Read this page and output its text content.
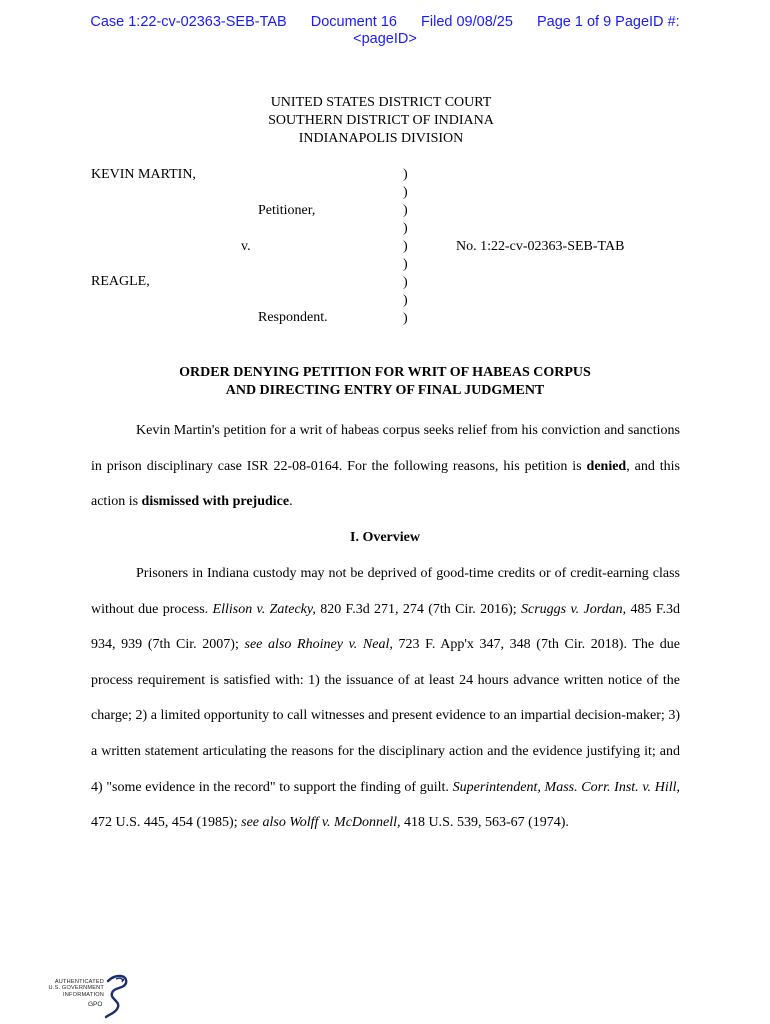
Case 1:22-cv-02363-SEB-TAB Document 16 Filed 09/08/25 Page 1 of 9 PageID #:
<pageID>
UNITED STATES DISTRICT COURT
SOUTHERN DISTRICT OF INDIANA
INDIANAPOLIS DIVISION
KEVIN MARTIN,
Petitioner,
v.
REAGLE,
Respondent.
No. 1:22-cv-02363-SEB-TAB
)
)
)
)
)
)
)
)
)
ORDER DENYING PETITION FOR WRIT OF HABEAS CORPUS
AND DIRECTING ENTRY OF FINAL JUDGMENT

Kevin Martin's petition for a writ of habeas corpus seeks relief from his conviction and sanctions in prison disciplinary case ISR 22-08-0164. For the following reasons, his petition is denied, and this action is dismissed with prejudice.

I. Overview

Prisoners in Indiana custody may not be deprived of good-time credits or of credit-earning class without due process. Ellison v. Zatecky, 820 F.3d 271, 274 (7th Cir. 2016); Scruggs v. Jordan, 485 F.3d 934, 939 (7th Cir. 2007); see also Rhoiney v. Neal, 723 F. App'x 347, 348 (7th Cir. 2018). The due process requirement is satisfied with: 1) the issuance of at least 24 hours advance written notice of the charge; 2) a limited opportunity to call witnesses and present evidence to an impartial decision-maker; 3) a written statement articulating the reasons for the disciplinary action and the evidence justifying it; and 4) "some evidence in the record" to support the finding of guilt. Superintendent, Mass. Corr. Inst. v. Hill, 472 U.S. 445, 454 (1985); see also Wolff v. McDonnell, 418 U.S. 539, 563-67 (1974).

AUTHENTICATED
U.S. GOVERNMENT
INFORMATION
GPO
